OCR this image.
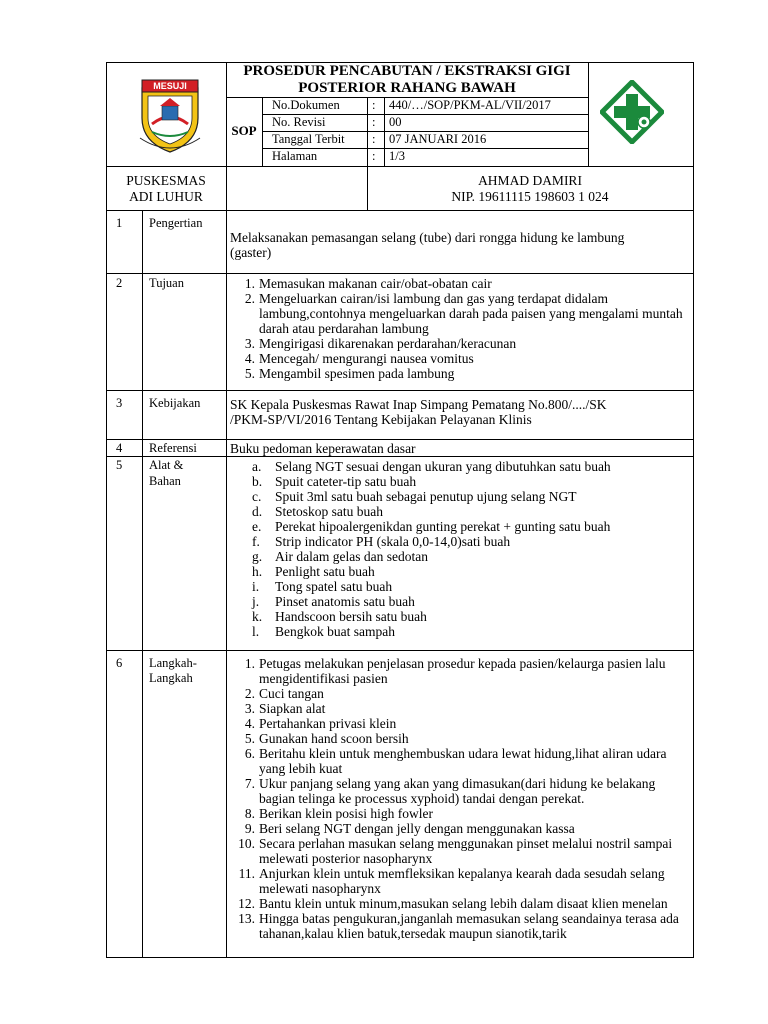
MESUJI
PROSEDUR PENCABUTAN / EKSTRAKSI GIGI
POSTERIOR RAHANG BAWAH
SOP
No.Dokumen	: 440/…/SOP/PKM-AL/VII/2017
No. Revisi	: 00
Tanggal Terbit : 07 JANUARI 2016
Halaman	: 1/3
PUSKESMAS
ADI LUHUR
AHMAD DAMIRI
NIP. 19611115 198603 1 024
1 Pengertian
Melaksanakan pemasangan selang (tube) dari rongga hidung ke lambung
(gaster)
2 Tujuan	1. Memasukan makanan cair/obat-obatan cair
2. Mengeluarkan cairan/isi lambung dan gas yang terdapat didalam lambung,contohnya mengeluarkan darah pada paisen yang mengalami muntah darah atau perdarahan lambung
3. Mengirigasi dikarenakan perdarahan/keracunan
4. Mencegah/ mengurangi nausea vomitus
5. Mengambil spesimen pada lambung
3 Kebijakan SK Kepala Puskesmas Rawat Inap Simpang Pematang No.800/..../SK
/PKM-SP/VI/2016 Tentang Kebijakan Pelayanan Klinis
4 Referensi Buku pedoman keperawatan dasar
5 Alat &
Bahan
a.	Selang NGT sesuai dengan ukuran yang dibutuhkan satu buah
b. Spuit cateter-tip satu buah
c.	Spuit 3ml satu buah sebagai penutup ujung selang NGT
d. Stetoskop satu buah
e.	Perekat hipoalergenikdan gunting perekat + gunting satu buah
f.	Strip indicator PH (skala 0,0-14,0)sati buah
g. Air dalam gelas dan sedotan
h. Penlight satu buah
i.	Tong spatel satu buah
j.	Pinset anatomis satu buah
k. Handscoon bersih satu buah
l.	Bengkok buat sampah
6 Langkah-
Langkah
1. Petugas melakukan penjelasan prosedur kepada pasien/kelaurga pasien lalu mengidentifikasi pasien
2. Cuci tangan
3. Siapkan alat
4. Pertahankan privasi klein
5. Gunakan hand scoon bersih
6. Beritahu klein untuk menghembuskan udara lewat hidung,lihat aliran udara yang lebih kuat
7. Ukur panjang selang yang akan yang dimasukan(dari hidung ke belakang bagian telinga ke processus xyphoid) tandai dengan perekat.
8. Berikan klein posisi high fowler
9. Beri selang NGT dengan jelly dengan menggunakan kassa
10. Secara perlahan masukan selang menggunakan pinset melalui nostril sampai melewati posterior nasopharynx
11. Anjurkan klein untuk memfleksikan kepalanya kearah dada sesudah selang melewati nasopharynx
12. Bantu klein untuk minum,masukan selang lebih dalam disaat klien menelan
13. Hingga batas pengukuran,janganlah memasukan selang seandainya terasa ada tahanan,kalau klien batuk,tersedak maupun sianotik,tarik
